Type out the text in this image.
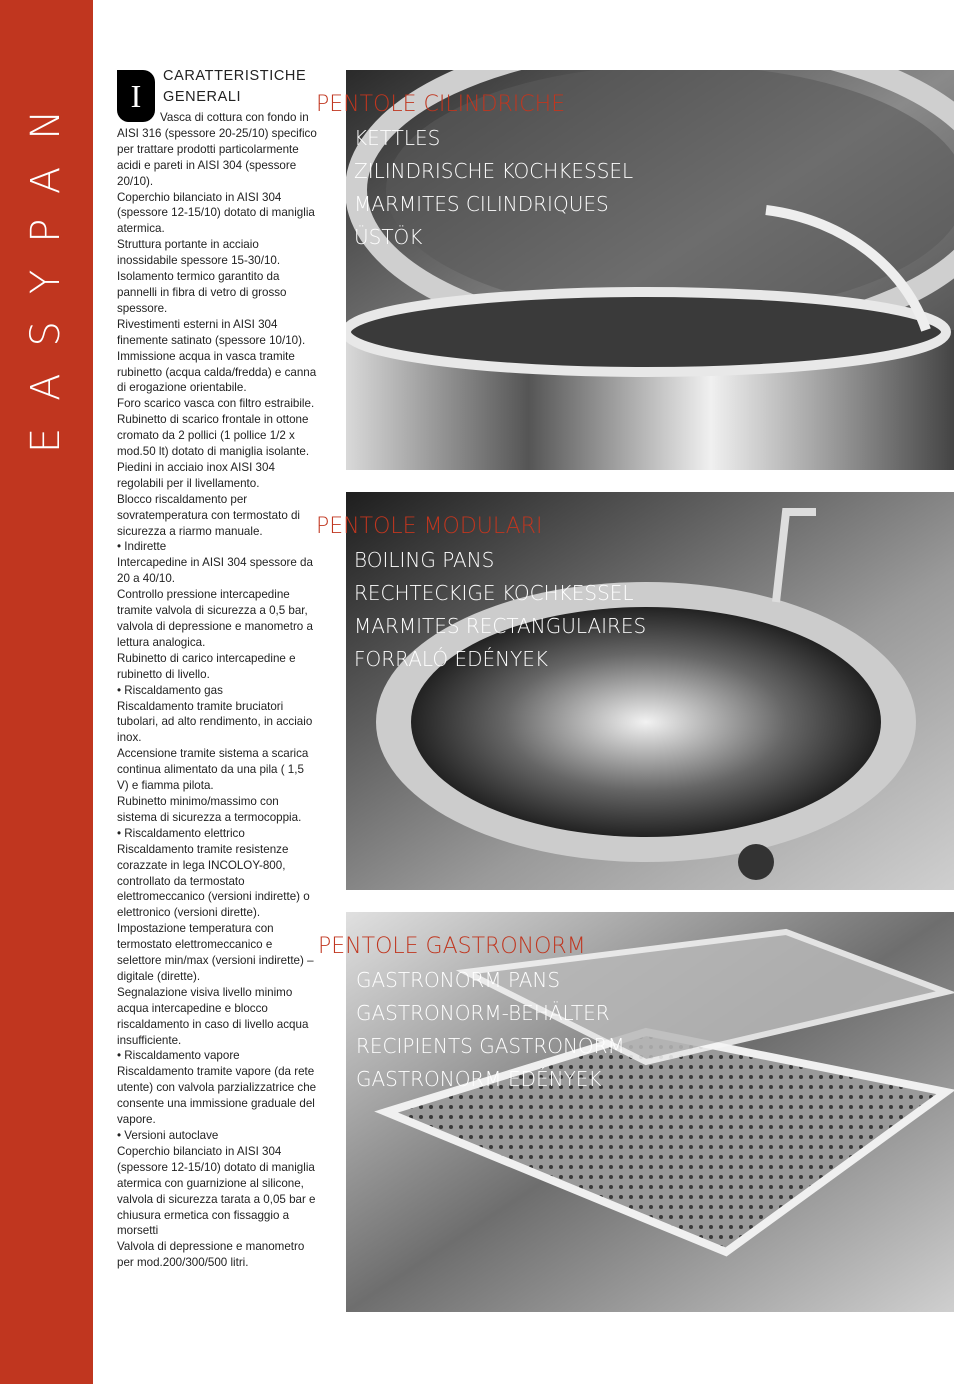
EASYPAN	I
CARATTERISTICHE
GENERALI

Vasca di cottura con fondo in AISI 316 (spessore 20-25/10) specifico per trattare prodotti particolarmente acidi e pareti in AISI 304 (spessore 20/10).

Coperchio bilanciato in AISI 304 (spessore 12-15/10) dotato di maniglia atermica.

Struttura portante in acciaio inossidabile spessore 15-30/10.

Isolamento termico garantito da pannelli in fibra di vetro di grosso spessore.

Rivestimenti esterni in AISI 304 finemente satinato (spessore 10/10).

Immissione acqua in vasca tramite rubinetto (acqua calda/fredda) e canna di erogazione orientabile.

Foro scarico vasca con filtro estraibile.

Rubinetto di scarico frontale in ottone cromato da 2 pollici (1 pollice 1/2 x mod.50 lt) dotato di maniglia isolante.

Piedini in acciaio inox AISI 304 regolabili per il livellamento.

Blocco riscaldamento per sovratemperatura con termostato di sicurezza a riarmo manuale.

• Indirette

Intercapedine in AISI 304 spessore da 20 a 40/10.

Controllo pressione intercapedine tramite valvola di sicurezza a 0,5 bar, valvola di depressione e manometro a lettura analogica.

Rubinetto di carico intercapedine e rubinetto di livello.

• Riscaldamento gas

Riscaldamento tramite bruciatori tubolari, ad alto rendimento, in acciaio inox.

Accensione tramite sistema a scarica continua alimentato da una pila ( 1,5 V) e fiamma pilota.

Rubinetto minimo/massimo con sistema di sicurezza a termocoppia.

• Riscaldamento elettrico

Riscaldamento tramite resistenze corazzate in lega INCOLOY-800, controllato da termostato elettromeccanico (versioni indirette) o elettronico (versioni dirette).

Impostazione temperatura con termostato elettromeccanico e selettore min/max (versioni indirette) – digitale (dirette).

Segnalazione visiva livello minimo acqua intercapedine e blocco riscaldamento in caso di livello acqua insufficiente.

• Riscaldamento vapore

Riscaldamento tramite vapore (da rete utente) con valvola parzializzatrice che consente una immissione graduale del vapore.

• Versioni autoclave

Coperchio bilanciato in AISI 304 (spessore 12-15/10) dotato di maniglia atermica con guarnizione al silicone, valvola di sicurezza tarata a 0,05 bar e chiusura ermetica con fissaggio a morsetti

Valvola di depressione e manometro per mod.200/300/500 litri.

PENTOLE CILINDRICHE
KETTLES
ZILINDRISCHE KOCHKESSEL
MARMITES CILINDRIQUES
ÜSTÖK
PENTOLE MODULARI
BOILING PANS
RECHTECKIGE KOCHKESSEL
MARMITES RECTANGULAIRES
FORRALÓ EDÉNYEK
PENTOLE GASTRONORM
GASTRONORM PANS
GASTRONORM-BEHÄLTER
RECIPIENTS GASTRONORM
GASTRONORM EDÉNYEK
